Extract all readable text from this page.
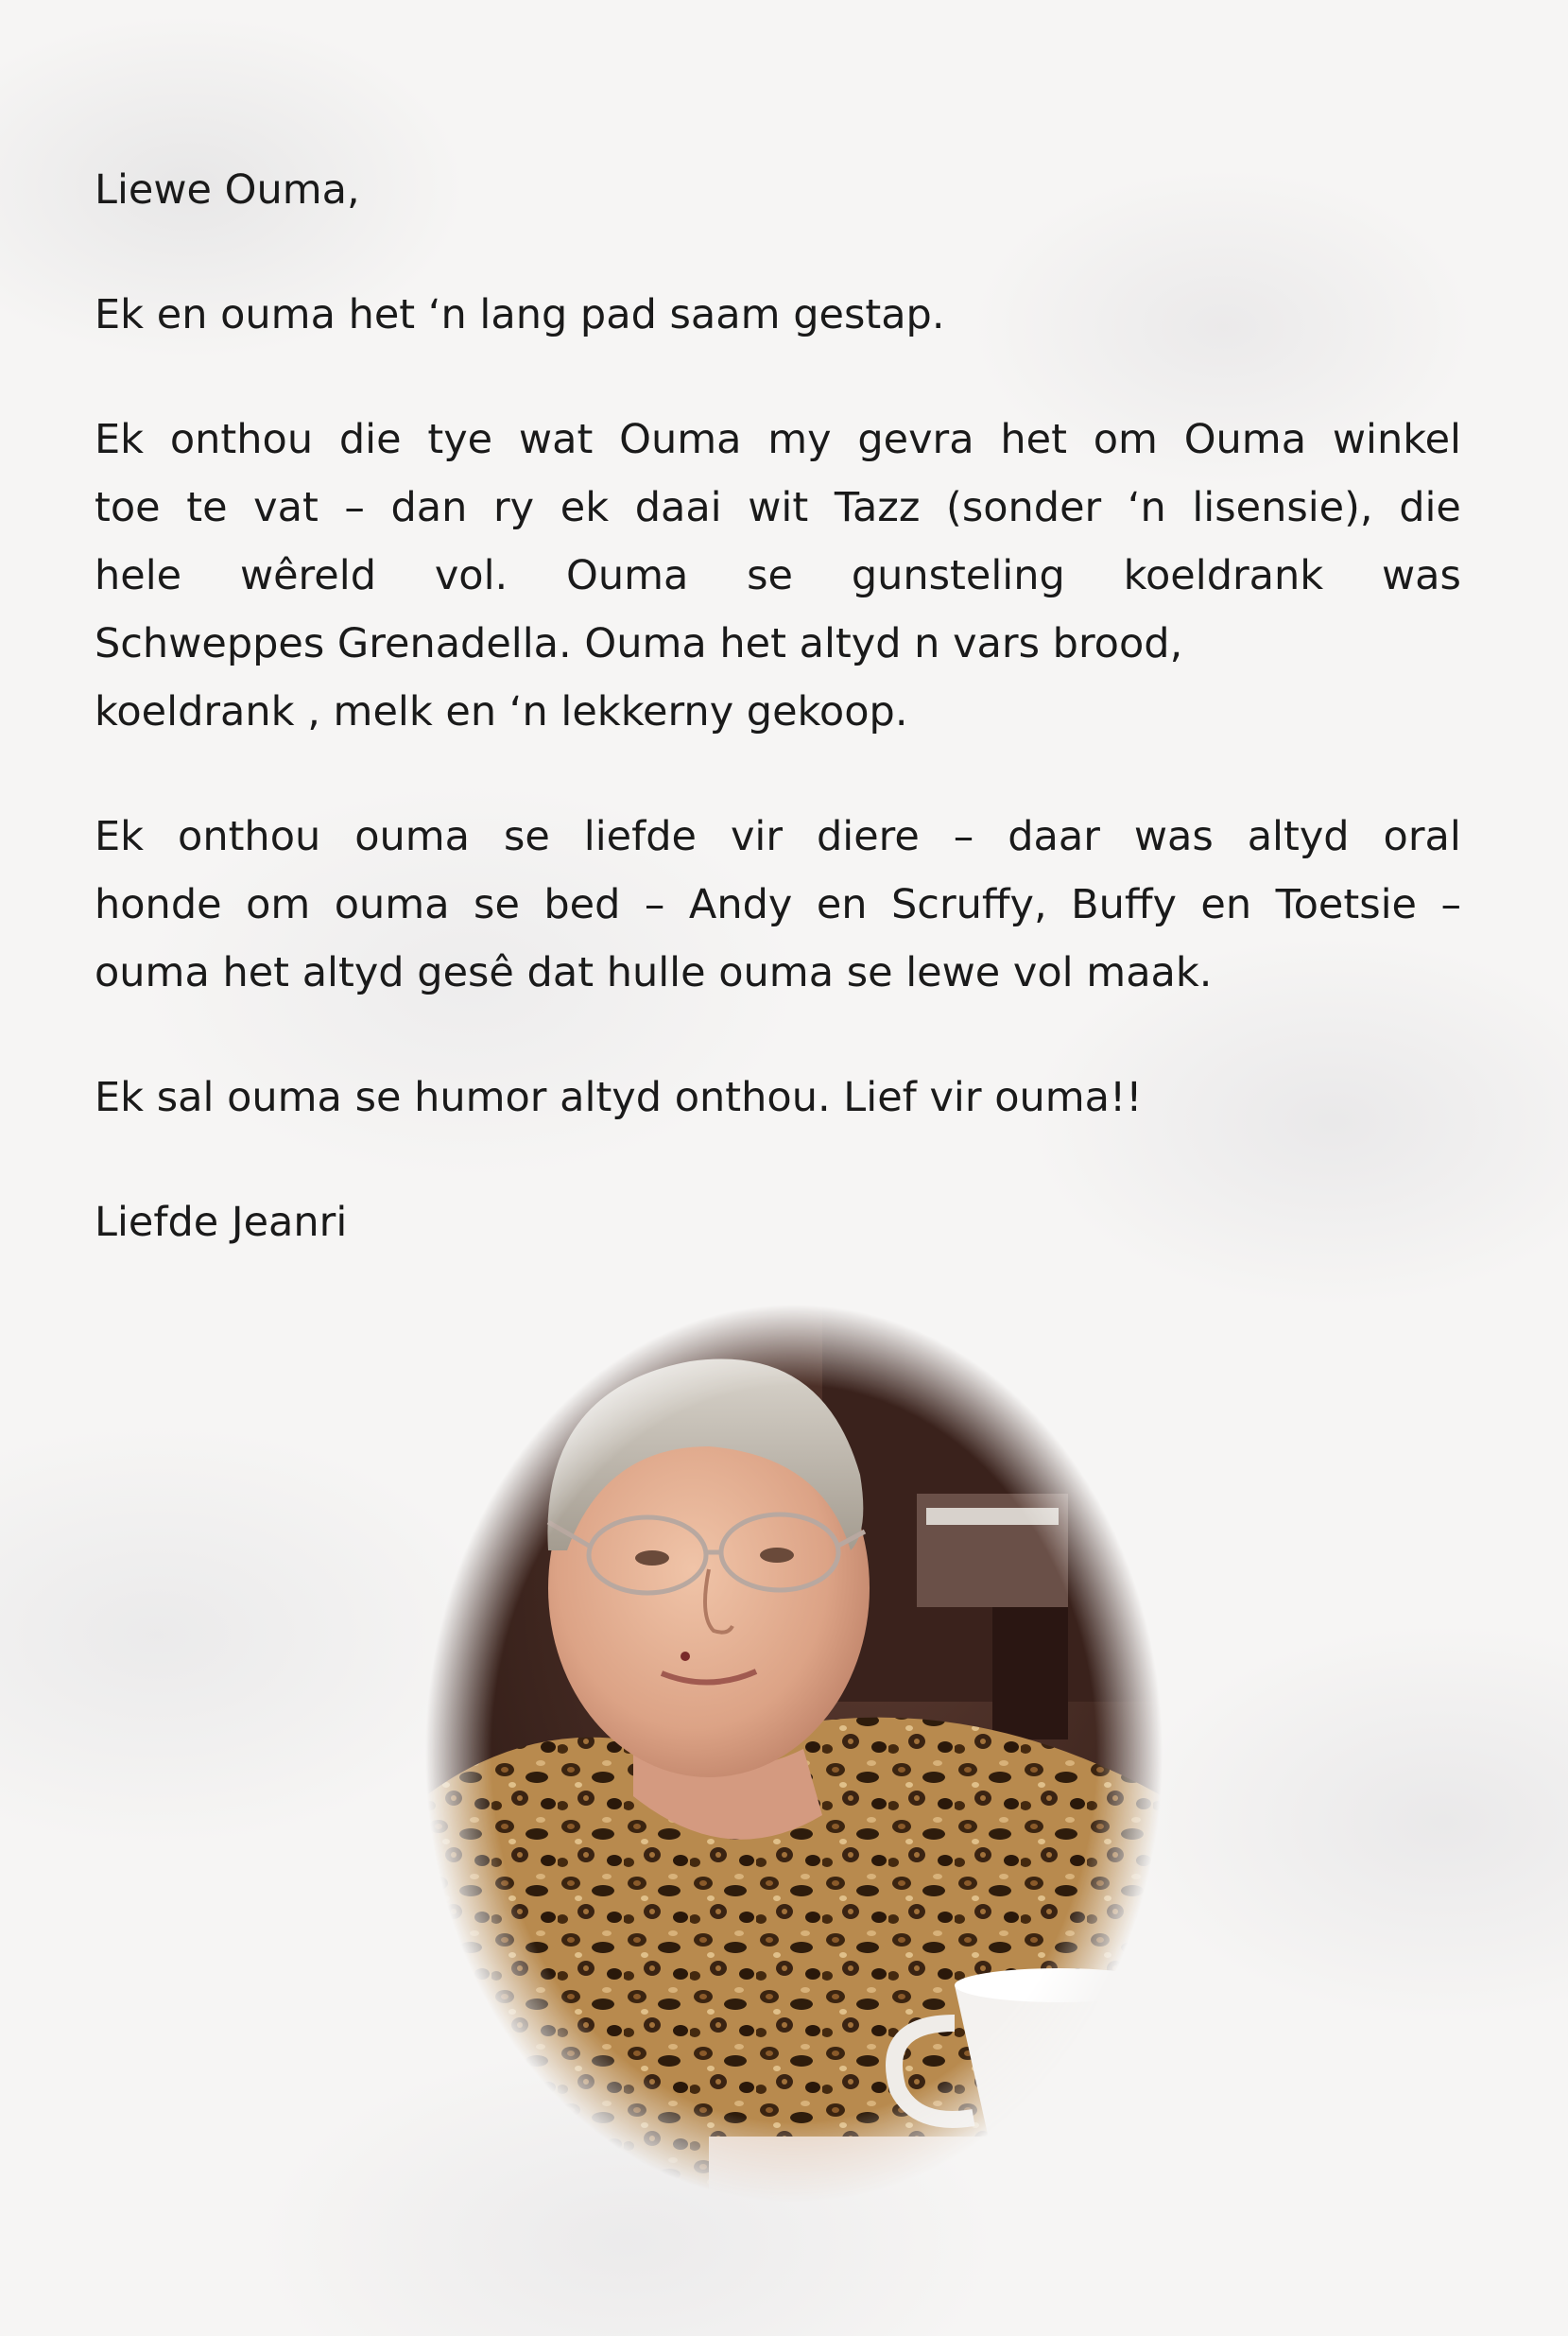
Liewe Ouma,

Ek en ouma het ‘n lang pad saam gestap.

Ek onthou die tye wat Ouma my gevra het om Ouma winkel
toe te vat – dan ry ek daai wit Tazz (sonder ‘n lisensie), die
hele wêreld vol. Ouma se gunsteling koeldrank was
Schweppes Grenadella. Ouma het altyd n vars brood,
koeldrank , melk en ‘n lekkerny gekoop.
Ek onthou ouma se liefde vir diere – daar was altyd oral
honde om ouma se bed – Andy en Scruffy, Buffy en Toetsie –
ouma het altyd gesê dat hulle ouma se lewe vol maak.

Ek sal ouma se humor altyd onthou. Lief vir ouma!!

Liefde Jeanri
